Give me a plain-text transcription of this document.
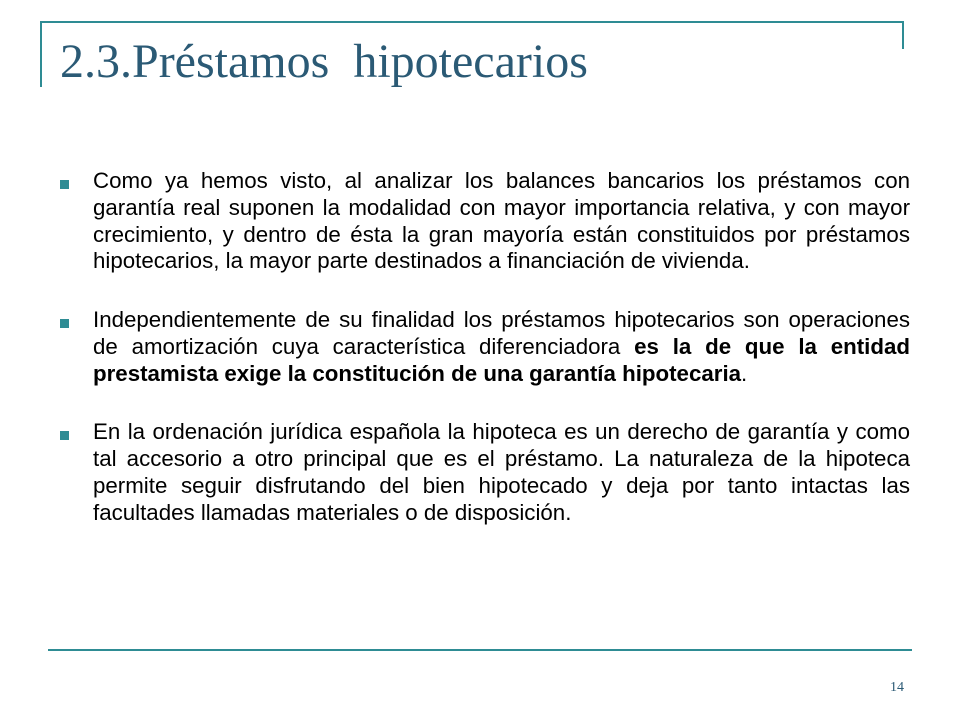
2.3.Préstamos  hipotecarios
Como ya hemos visto, al analizar los balances bancarios los préstamos con garantía real suponen la modalidad con mayor importancia relativa, y con mayor crecimiento, y dentro de ésta la gran mayoría están constituidos por préstamos hipotecarios, la mayor parte destinados a financiación de vivienda.
Independientemente de su finalidad los préstamos hipotecarios son operaciones de amortización cuya característica diferenciadora es la de que la entidad prestamista exige la constitución de una garantía hipotecaria.
En la ordenación jurídica española la hipoteca es un derecho de garantía y como tal accesorio a otro principal que es el préstamo. La naturaleza de la hipoteca permite seguir disfrutando del bien hipotecado y deja por tanto intactas las facultades llamadas materiales o de disposición.
14
